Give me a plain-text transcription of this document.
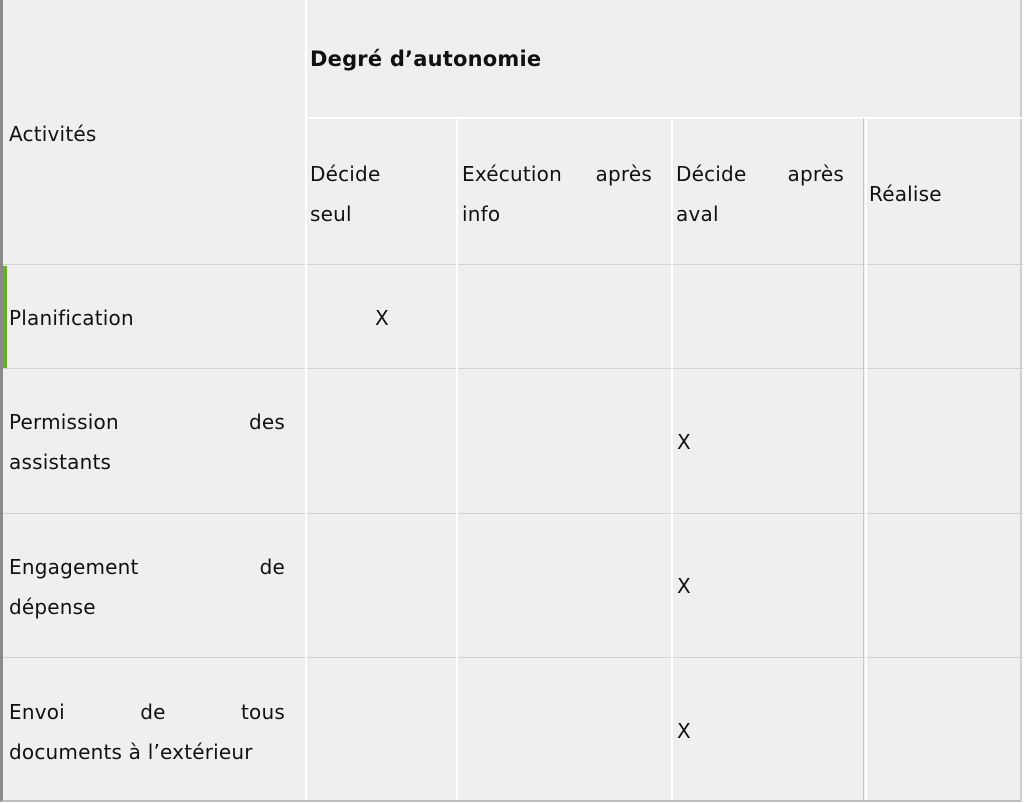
Activités
Degré d’autonomie
Décide
seul
Exécution après
info
Décide après
aval
Réalise
Planification	X
Permission des
assistants
X
Engagement de
dépense
X
Envoi de tous
documents à l’extérieur
X
